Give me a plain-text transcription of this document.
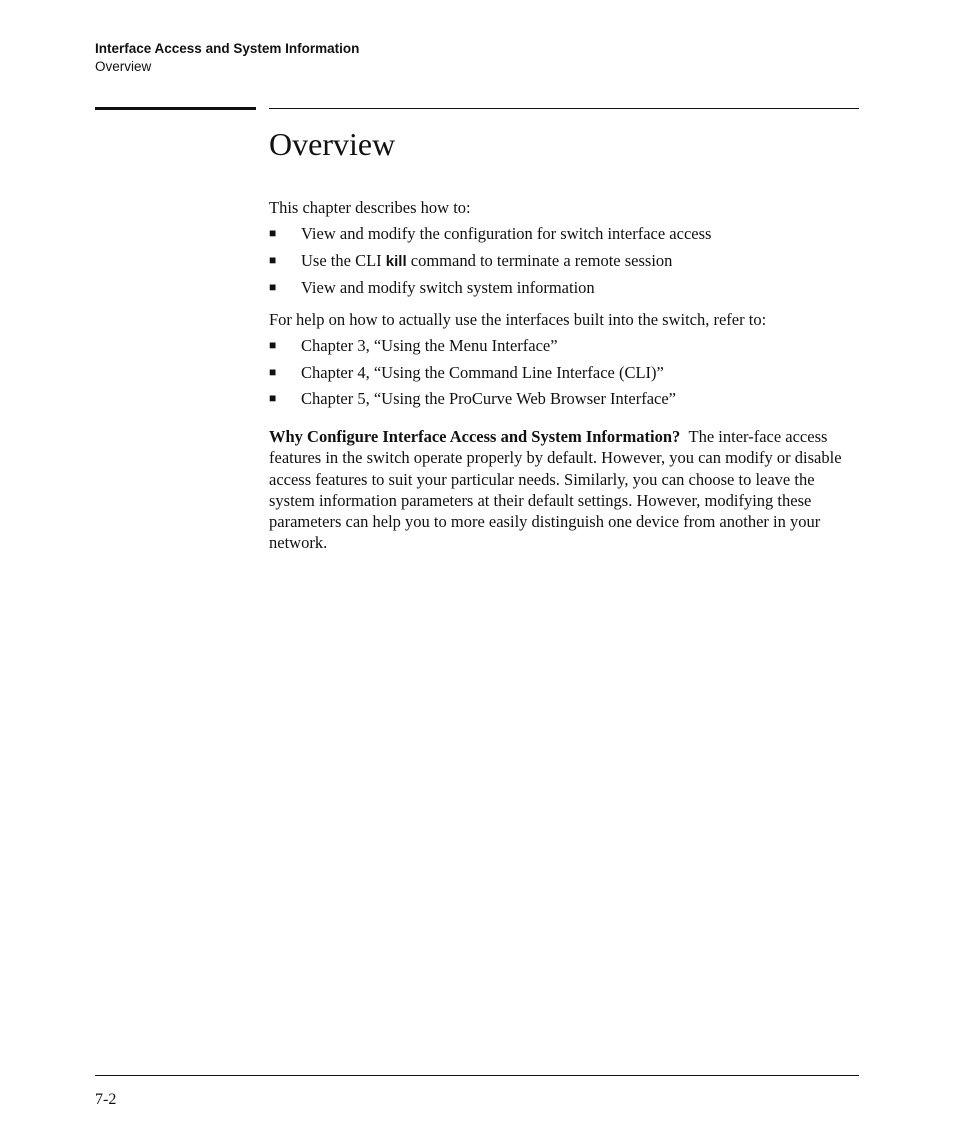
Interface Access and System Information
Overview
Overview

This chapter describes how to:

■ View and modify the configuration for switch interface access
■ Use the CLI kill command to terminate a remote session
■ View and modify switch system information

For help on how to actually use the interfaces built into the switch, refer to:

■ Chapter 3, “Using the Menu Interface”
■ Chapter 4, “Using the Command Line Interface (CLI)”
■ Chapter 5, “Using the ProCurve Web Browser Interface”

Why Configure Interface Access and System Information? The inter-face access features in the switch operate properly by default. However, you can modify or disable access features to suit your particular needs. Similarly, you can choose to leave the system information parameters at their default settings. However, modifying these parameters can help you to more easily distinguish one device from another in your network.

7-2
